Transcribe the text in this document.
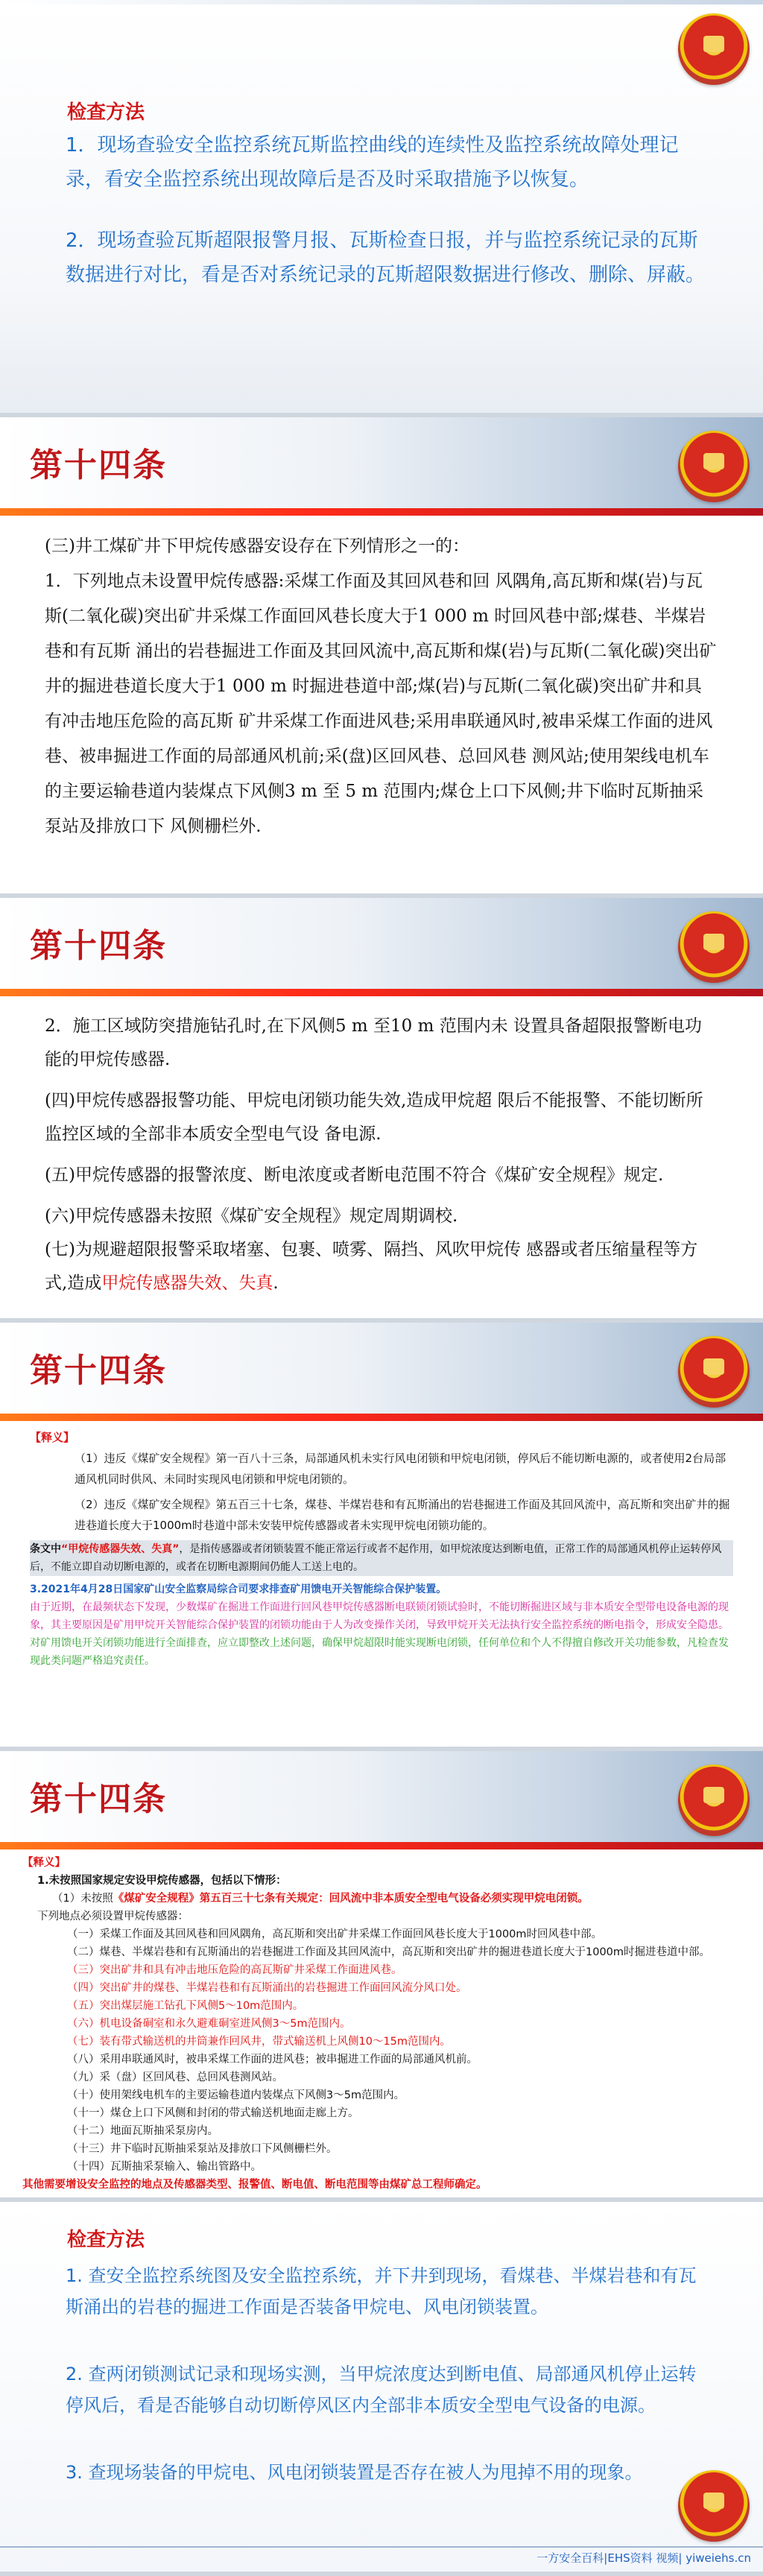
检查方法
1．现场查验安全监控系统瓦斯监控曲线的连续性及监控系统故障处理记录，看安全监控系统出现故障后是否及时采取措施予以恢复。
2．现场查验瓦斯超限报警月报、瓦斯检查日报，并与监控系统记录的瓦斯数据进行对比，看是否对系统记录的瓦斯超限数据进行修改、删除、屏蔽。
第十四条
(三)井工煤矿井下甲烷传感器安设存在下列情形之一的：
1．下列地点未设置甲烷传感器:采煤工作面及其回风巷和回 风隅角,高瓦斯和煤(岩)与瓦斯(二氧化碳)突出矿井采煤工作面回风巷长度大于1 000 m 时回风巷中部;煤巷、半煤岩巷和有瓦斯 涌出的岩巷掘进工作面及其回风流中,高瓦斯和煤(岩)与瓦斯(二氧化碳)突出矿井的掘进巷道长度大于1 000 m 时掘进巷道中部;煤(岩)与瓦斯(二氧化碳)突出矿井和具有冲击地压危险的高瓦斯 矿井采煤工作面进风巷;采用串联通风时,被串采煤工作面的进风巷、被串掘进工作面的局部通风机前;采(盘)区回风巷、总回风巷 测风站;使用架线电机车的主要运输巷道内装煤点下风侧3 m 至 5 m 范围内;煤仓上口下风侧;井下临时瓦斯抽采泵站及排放口下 风侧栅栏外.
第十四条
2．施工区域防突措施钻孔时,在下风侧5 m 至10 m 范围内未 设置具备超限报警断电功能的甲烷传感器.
(四)甲烷传感器报警功能、甲烷电闭锁功能失效,造成甲烷超 限后不能报警、不能切断所监控区域的全部非本质安全型电气设 备电源.
(五)甲烷传感器的报警浓度、断电浓度或者断电范围不符合《煤矿安全规程》规定.
(六)甲烷传感器未按照《煤矿安全规程》规定周期调校.
(七)为规避超限报警采取堵塞、包裹、喷雾、隔挡、风吹甲烷传 感器或者压缩量程等方式,造成甲烷传感器失效、失真.
第十四条
【释义】
（1）违反《煤矿安全规程》第一百八十三条，局部通风机未实行风电闭锁和甲烷电闭锁，停风后不能切断电源的，或者使用2台局部通风机同时供风、未同时实现风电闭锁和甲烷电闭锁的。
（2）违反《煤矿安全规程》第五百三十七条，煤巷、半煤岩巷和有瓦斯涌出的岩巷掘进工作面及其回风流中，高瓦斯和突出矿井的掘进巷道长度大于1000m时巷道中部未安装甲烷传感器或者未实现甲烷电闭锁功能的。
条文中“甲烷传感器失效、失真”，是指传感器或者闭锁装置不能正常运行或者不起作用，如甲烷浓度达到断电值，正常工作的局部通风机停止运转停风后，不能立即自动切断电源的，或者在切断电源期间仍能人工送上电的。
3.2021年4月28日国家矿山安全监察局综合司要求排查矿用馈电开关智能综合保护装置。
由于近期，在最频状态下发现，少数煤矿在掘进工作面进行回风巷甲烷传感器断电联锁闭锁试验时，不能切断掘进区域与非本质安全型带电设备电源的现象，其主要原因是矿用甲烷开关智能综合保护装置的闭锁功能由于人为改变操作关闭，导致甲烷开关无法执行安全监控系统的断电指令，形成安全隐患。
对矿用馈电开关闭锁功能进行全面排查，应立即整改上述问题，确保甲烷超限时能实现断电闭锁，任何单位和个人不得擅自修改开关功能参数，凡检查发现此类问题严格追究责任。
第十四条
【释义】
1.未按照国家规定安设甲烷传感器，包括以下情形：
（1）未按照《煤矿安全规程》第五百三十七条有关规定：回风流中非本质安全型电气设备必须实现甲烷电闭锁。
下列地点必须设置甲烷传感器：
（一）采煤工作面及其回风巷和回风隅角，高瓦斯和突出矿井采煤工作面回风巷长度大于1000m时回风巷中部。
（二）煤巷、半煤岩巷和有瓦斯涌出的岩巷掘进工作面及其回风流中，高瓦斯和突出矿井的掘进巷道长度大于1000m时掘进巷道中部。
（三）突出矿井和具有冲击地压危险的高瓦斯矿井采煤工作面进风巷。
（四）突出矿井的煤巷、半煤岩巷和有瓦斯涌出的岩巷掘进工作面回风流分风口处。
（五）突出煤层施工钻孔下风侧5～10m范围内。
（六）机电设备硐室和永久避难硐室进风侧3～5m范围内。
（七）装有带式输送机的井筒兼作回风井，带式输送机上风侧10～15m范围内。
（八）采用串联通风时，被串采煤工作面的进风巷；被串掘进工作面的局部通风机前。
（九）采（盘）区回风巷、总回风巷测风站。
（十）使用架线电机车的主要运输巷道内装煤点下风侧3～5m范围内。
（十一）煤仓上口下风侧和封闭的带式输送机地面走廊上方。
（十二）地面瓦斯抽采泵房内。
（十三）井下临时瓦斯抽采泵站及排放口下风侧栅栏外。
（十四）瓦斯抽采泵输入、输出管路中。
其他需要增设安全监控的地点及传感器类型、报警值、断电值、断电范围等由煤矿总工程师确定。
检查方法
1. 查安全监控系统图及安全监控系统，并下井到现场，看煤巷、半煤岩巷和有瓦斯涌出的岩巷的掘进工作面是否装备甲烷电、风电闭锁装置。
2. 查两闭锁测试记录和现场实测，当甲烷浓度达到断电值、局部通风机停止运转停风后，看是否能够自动切断停风区内全部非本质安全型电气设备的电源。
3. 查现场装备的甲烷电、风电闭锁装置是否存在被人为甩掉不用的现象。
一方安全百科|EHS资料 视频| yiweiehs.cn
